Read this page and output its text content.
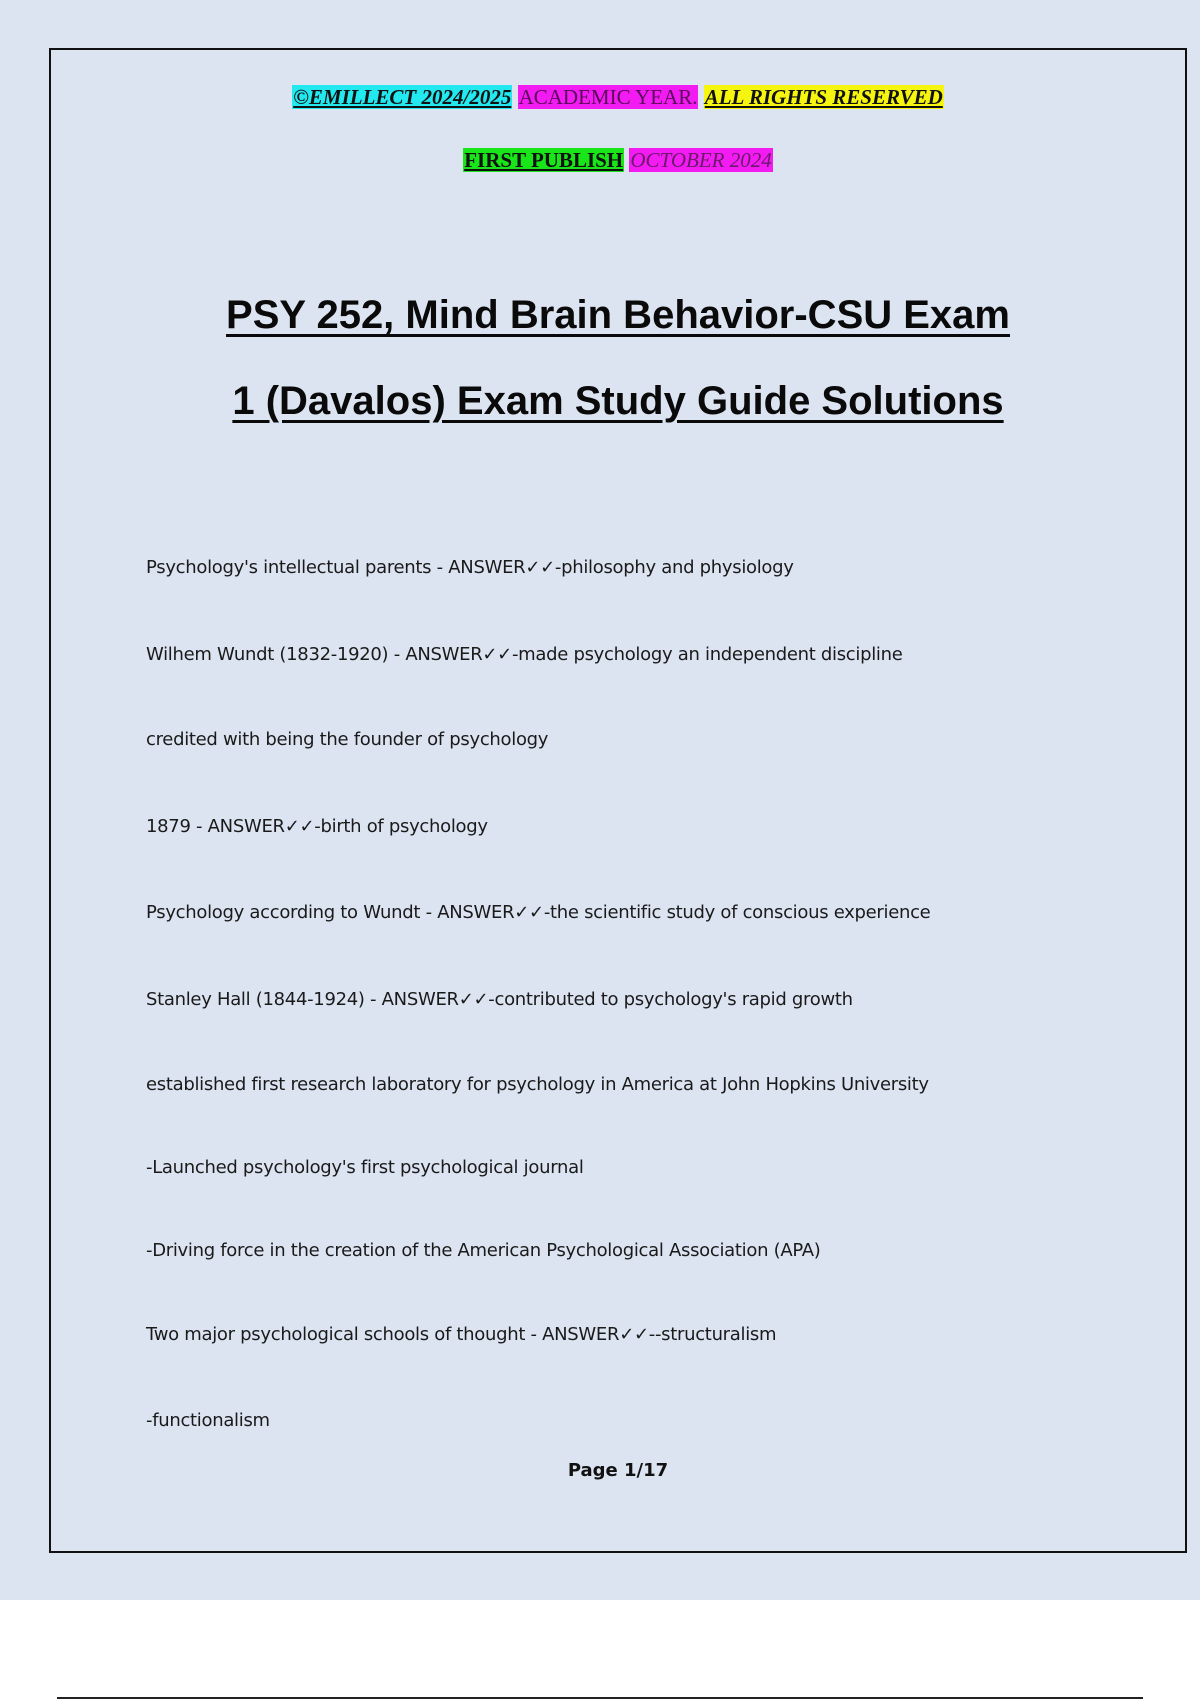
©EMILLECT 2024/2025 ACADEMIC YEAR. ALL RIGHTS RESERVED
FIRST PUBLISH OCTOBER 2024
PSY 252, Mind Brain Behavior-CSU Exam
1 (Davalos) Exam Study Guide Solutions
Psychology's intellectual parents - ANSWER✓✓-philosophy and physiology
Wilhem Wundt (1832-1920) - ANSWER✓✓-made psychology an independent discipline
credited with being the founder of psychology
1879 - ANSWER✓✓-birth of psychology
Psychology according to Wundt - ANSWER✓✓-the scientific study of conscious experience
Stanley Hall (1844-1924) - ANSWER✓✓-contributed to psychology's rapid growth
established first research laboratory for psychology in America at John Hopkins University
-Launched psychology's first psychological journal
-Driving force in the creation of the American Psychological Association (APA)
Two major psychological schools of thought - ANSWER✓✓--structuralism
-functionalism
Page 1/17
